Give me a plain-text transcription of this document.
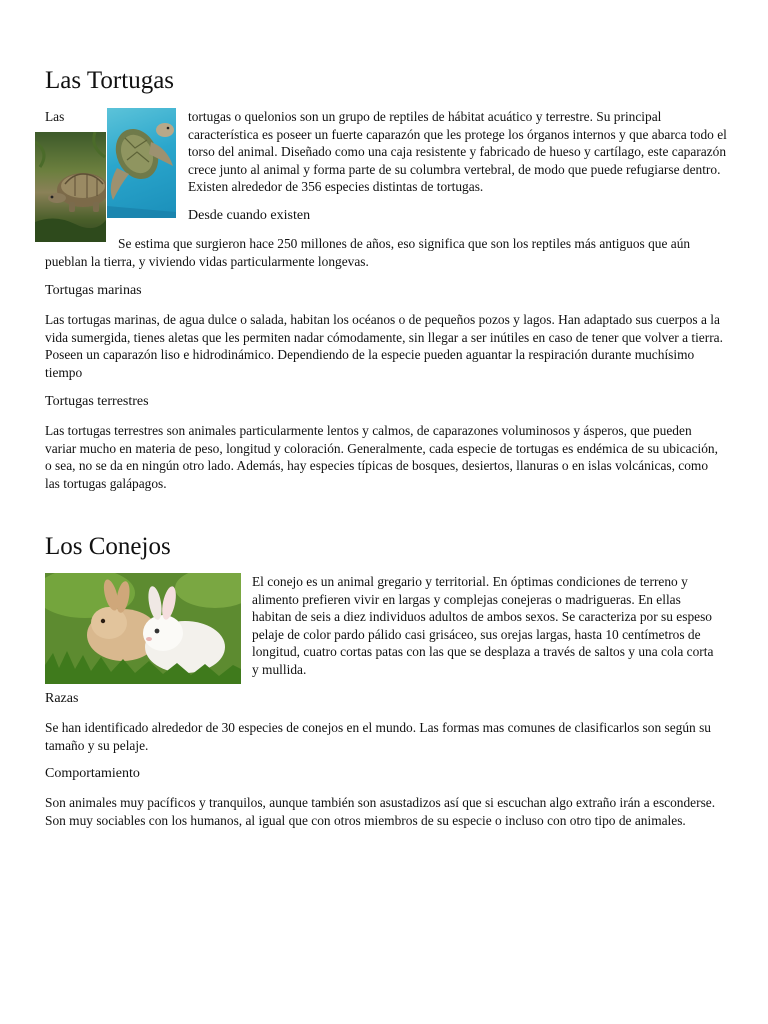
Las Tortugas

Las	tortugas o quelonios son un grupo de reptiles de hábitat acuático y terrestre. Su principal característica es poseer un fuerte caparazón que les protege los órganos internos y que abarca todo el torso del animal. Diseñado como una caja resistente y fabricado de hueso y cartílago, este caparazón crece junto al animal y forma parte de su columbra vertebral, de modo que puede refugiarse dentro. Existen alrededor de 356 especies distintas de tortugas.

Desde cuando existen

Se estima que surgieron hace 250 millones de años, eso significa que son los reptiles más antiguos que aún pueblan la tierra, y viviendo vidas particularmente longevas.

Tortugas marinas

Las tortugas marinas, de agua dulce o salada, habitan los océanos o de pequeños pozos y lagos. Han adaptado sus cuerpos a la vida sumergida, tienes aletas que les permiten nadar cómodamente, sin llegar a ser inútiles en caso de tener que volver a tierra. Poseen un caparazón liso e hidrodinámico. Dependiendo de la especie pueden aguantar la respiración durante muchísimo tiempo

Tortugas terrestres

Las tortugas terrestres son animales particularmente lentos y calmos, de caparazones voluminosos y ásperos, que pueden variar mucho en materia de peso, longitud y coloración. Generalmente, cada especie de tortugas es endémica de su ubicación, o sea, no se da en ningún otro lado. Además, hay especies típicas de bosques, desiertos, llanuras o en islas volcánicas, como las tortugas galápagos.

Los Conejos

El conejo es un animal gregario y territorial. En óptimas condiciones de terreno y alimento prefieren vivir en largas y complejas conejeras o madrigueras. En ellas habitan de seis a diez individuos adultos de ambos sexos. Se caracteriza por su espeso pelaje de color pardo pálido casi grisáceo, sus orejas largas, hasta 10 centímetros de longitud, cuatro cortas patas con las que se desplaza a través de saltos y una cola corta y mullida.

Razas

Se han identificado alrededor de 30 especies de conejos en el mundo. Las formas mas comunes de clasificarlos son según su tamaño y su pelaje.

Comportamiento

Son animales muy pacíficos y tranquilos, aunque también son asustadizos así que si escuchan algo extraño irán a esconderse. Son muy sociables con los humanos, al igual que con otros miembros de su especie o incluso con otro tipo de animales.
